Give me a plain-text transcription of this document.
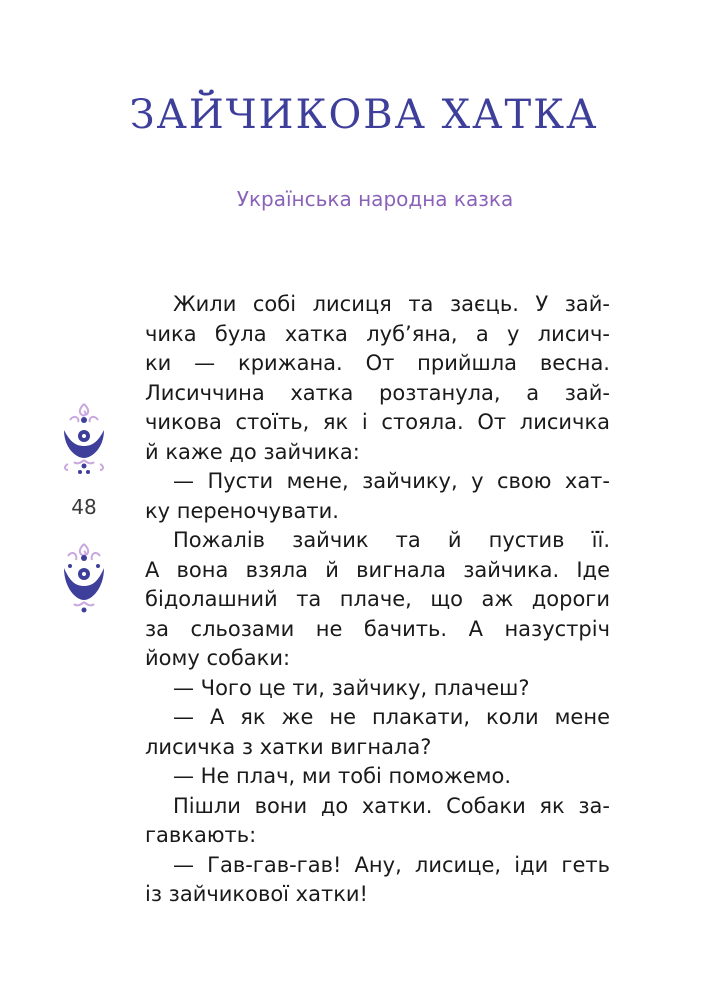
ЗАЙЧИКОВА ХАТКА
Українська народна казка
48
Жили собі лисиця та заєць. У зай-
чика була хатка луб’яна, а у лисич-
ки — крижана. От прийшла весна.
Лисиччина хатка розтанула, а зай-
чикова стоїть, як і стояла. От лисичка
й каже до зайчика:
— Пусти мене, зайчику, у свою хат-
ку переночувати.
Пожалів зайчик та й пустив її.
А вона взяла й вигнала зайчика. Іде
бідолашний та плаче, що аж дороги
за сльозами не бачить. А назустріч
йому собаки:
— Чого це ти, зайчику, плачеш?
— А як же не плакати, коли мене
лисичка з хатки вигнала?
— Не плач, ми тобі поможемо.
Пішли вони до хатки. Собаки як за-
гавкають:
— Гав-гав-гав! Ану, лисице, іди геть
із зайчикової хатки!
